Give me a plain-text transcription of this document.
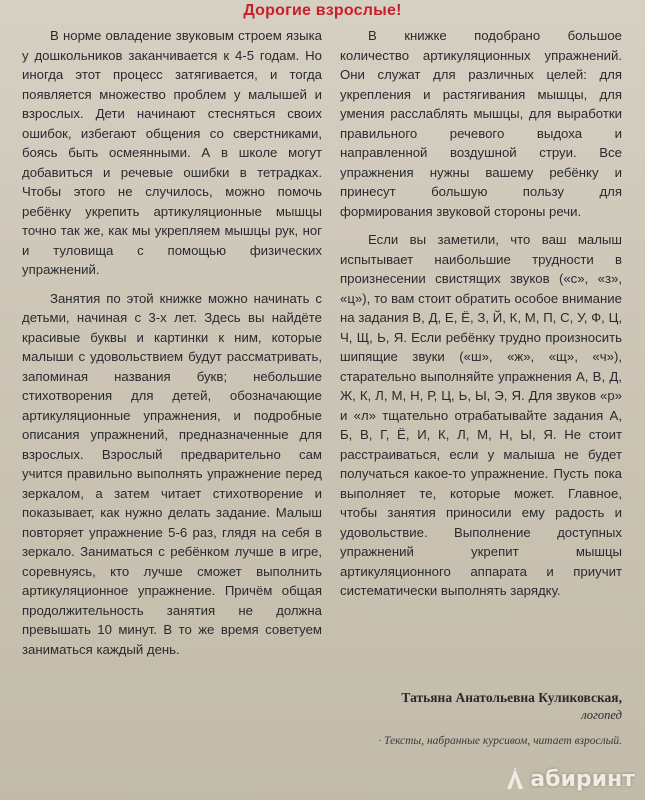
Дорогие взрослые!

В норме овладение звуковым строем языка у дошкольников заканчивается к 4-5 годам. Но иногда этот процесс затягивается, и тогда появляется множество проблем у малышей и взрослых. Дети начинают стесняться своих ошибок, избегают общения со сверстниками, боясь быть осмеянными. А в школе могут добавиться и речевые ошибки в тетрадках. Чтобы этого не случилось, можно помочь ребёнку укрепить артикуляционные мышцы точно так же, как мы укрепляем мышцы рук, ног и туловища с помощью физических упражнений.

Занятия по этой книжке можно начинать с детьми, начиная с 3-х лет. Здесь вы найдёте красивые буквы и картинки к ним, которые малыши с удовольствием будут рассматривать, запоминая названия букв; небольшие стихотворения для детей, обозначающие артикуляционные упражнения, и подробные описания упражнений, предназначенные для взрослых. Взрослый предварительно сам учится правильно выполнять упражнение перед зеркалом, а затем читает стихотворение и показывает, как нужно делать задание. Малыш повторяет упражнение 5-6 раз, глядя на себя в зеркало. Заниматься с ребёнком лучше в игре, соревнуясь, кто лучше сможет выполнить артикуляционное упражнение. Причём общая продолжительность занятия не должна превышать 10 минут. В то же время советуем заниматься каждый день.

В книжке подобрано большое количество артикуляционных упражнений. Они служат для различных целей: для укрепления и растягивания мышцы, для умения расслаблять мышцы, для выработки правильного речевого выдоха и направленной воздушной струи. Все упражнения нужны вашему ребёнку и принесут большую пользу для формирования звуковой стороны речи.

Если вы заметили, что ваш малыш испытывает наибольшие трудности в произнесении свистящих звуков («с», «з», «ц»), то вам стоит обратить особое внимание на задания В, Д, Е, Ё, З, Й, К, М, П, С, У, Ф, Ц, Ч, Щ, Ь, Я. Если ребёнку трудно произносить шипящие звуки («ш», «ж», «щ», «ч»), старательно выполняйте упражнения А, В, Д, Ж, К, Л, М, Н, Р, Ц, Ь, Ы, Э, Я. Для звуков «р» и «л» тщательно отрабатывайте задания А, Б, В, Г, Ё, И, К, Л, М, Н, Ы, Я. Не стоит расстраиваться, если у малыша не будет получаться какое-то упражнение. Пусть пока выполняет те, которые может. Главное, чтобы занятия приносили ему радость и удовольствие. Выполнение доступных упражнений укрепит мышцы артикуляционного аппарата и приучит систематически выполнять зарядку.

Татьяна Анатольевна Куликовская,
логопед
· Тексты, набранные курсивом, читает взрослый.
абиринт
